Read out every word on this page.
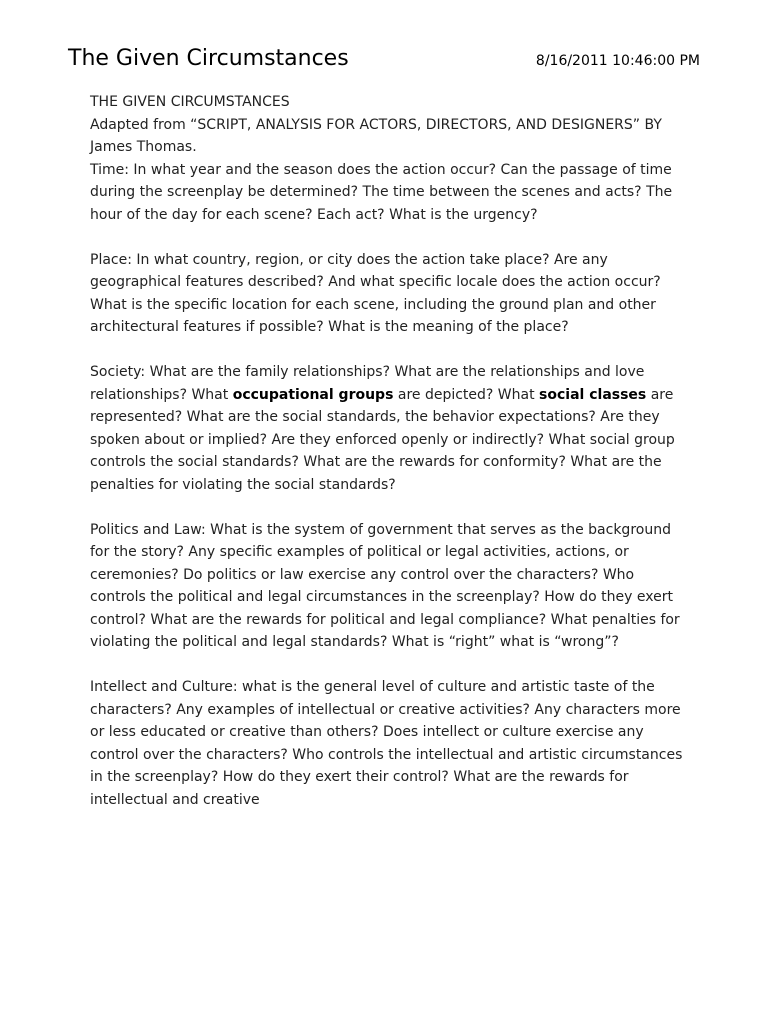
The Given Circumstances	8/16/2011 10:46:00 PM

THE GIVEN CIRCUMSTANCES

Adapted from “SCRIPT, ANALYSIS FOR ACTORS, DIRECTORS, AND DESIGNERS” BY James Thomas.

Time: In what year and the season does the action occur? Can the passage of time during the screenplay be determined? The time between the scenes and acts? The hour of the day for each scene? Each act? What is the urgency?

Place: In what country, region, or city does the action take place? Are any geographical features described? And what specific locale does the action occur? What is the specific location for each scene, including the ground plan and other architectural features if possible? What is the meaning of the place?

Society: What are the family relationships? What are the relationships and love relationships? What occupational groups are depicted? What social classes are represented? What are the social standards, the behavior expectations? Are they spoken about or implied? Are they enforced openly or indirectly? What social group controls the social standards? What are the rewards for conformity? What are the penalties for violating the social standards?

Politics and Law: What is the system of government that serves as the background for the story? Any specific examples of political or legal activities, actions, or ceremonies? Do politics or law exercise any control over the characters? Who controls the political and legal circumstances in the screenplay? How do they exert control? What are the rewards for political and legal compliance? What penalties for violating the political and legal standards? What is “right” what is “wrong”?

Intellect and Culture: what is the general level of culture and artistic taste of the characters? Any examples of intellectual or creative activities? Any characters more or less educated or creative than others? Does intellect or culture exercise any control over the characters? Who controls the intellectual and artistic circumstances in the screenplay? How do they exert their control? What are the rewards for intellectual and creative
